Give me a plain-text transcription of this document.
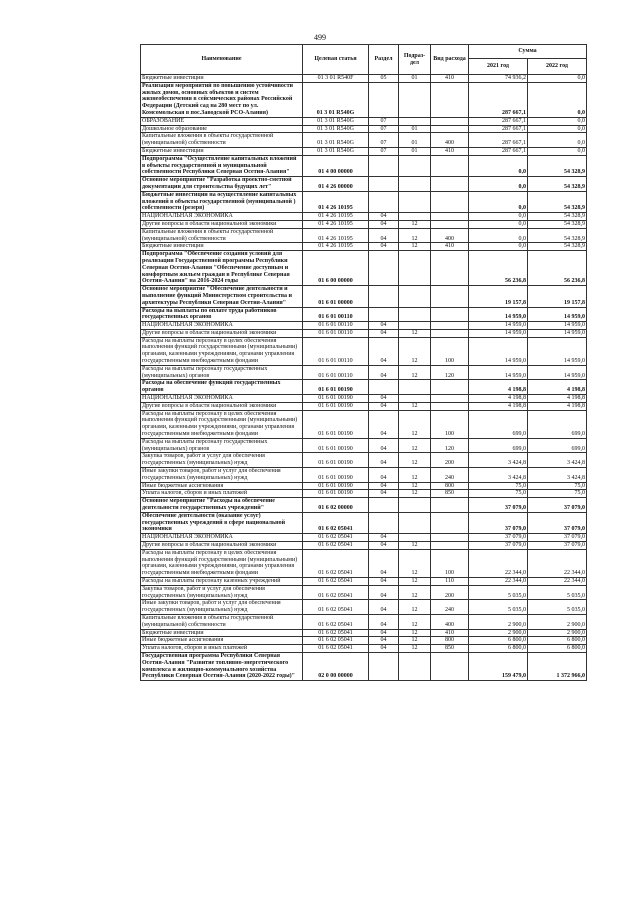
499
Наименование	Целевая статья	Раздел	Подраз-дел	Вид расхода	Сумма	
					2021 год	2022 год
Бюджетные инвестиции	01 3 01 R540F	05	01	410	74 936,2	0,0
Реализация мероприятий по повышению устойчивости жилых домов, основных объектов и систем жизнеобеспечения в сейсмических районах Российской Федерации (Детский сад на 280 мест по ул. Комсомольская в пос.Заводской РСО-Алания)	01 3 01 R540G				287 667,1	0,0
ОБРАЗОВАНИЕ	01 3 01 R540G	07			287 667,1	0,0
Дошкольное образование	01 3 01 R540G	07	01		287 667,1	0,0
Капитальные вложения в объекты государственной (муниципальной) собственности	01 3 01 R540G	07	01	400	287 667,1	0,0
Бюджетные инвестиции	01 3 01 R540G	07	01	410	287 667,1	0,0
Подпрограмма "Осуществление капитальных вложений в объекты государственной и муниципальной собственности Республики Северная Осетия-Алания"	01 4 00 00000				0,0	54 328,9
Основное мероприятие "Разработка проектно-сметной документации для строительства будущих лет"	01 4 26 00000				0,0	54 328,9
Бюджетные инвестиции на осуществление капитальных вложений в объекты государственной (муниципальной ) собственности (резерв)	01 4 26 10195				0,0	54 328,9
НАЦИОНАЛЬНАЯ ЭКОНОМИКА	01 4 26 10195	04			0,0	54 328,9
Другие вопросы в области национальной экономики	01 4 26 10195	04	12		0,0	54 328,9
Капитальные вложения в объекты государственной (муниципальной) собственности	01 4 26 10195	04	12	400	0,0	54 328,9
Бюджетные инвестиции	01 4 26 10195	04	12	410	0,0	54 328,9
Подпрограмма "Обеспечение создания условий для реализации Государственной программы Республики Северная Осетия-Алания "Обеспечение доступным и комфортным жильем граждан в Республике Северная Осетия-Алания" на 2016-2024 годы	01 6 00 00000				56 236,8	56 236,8
Основное мероприятие "Обеспечение деятельности и выполнение функций Министерством строительства и архитектуры Республики Северная Осетия-Алания"	01 6 01 00000				19 157,8	19 157,8
Расходы на выплаты по оплате труда работников государственных органов	01 6 01 00110				14 959,0	14 959,0
НАЦИОНАЛЬНАЯ ЭКОНОМИКА	01 6 01 00110	04			14 959,0	14 959,0
Другие вопросы в области национальной экономики	01 6 01 00110	04	12		14 959,0	14 959,0
Расходы на выплаты персоналу в целях обеспечения выполнения функций государственными (муниципальными) органами, казенными учреждениями, органами управления государственными внебюджетными фондами	01 6 01 00110	04	12	100	14 959,0	14 959,0
Расходы на выплаты персоналу государственных (муниципальных) органов	01 6 01 00110	04	12	120	14 959,0	14 959,0
Расходы на обеспечение функций государственных органов	01 6 01 00190				4 198,8	4 198,8
НАЦИОНАЛЬНАЯ ЭКОНОМИКА	01 6 01 00190	04			4 198,8	4 198,8
Другие вопросы в области национальной экономики	01 6 01 00190	04	12		4 198,8	4 198,8
Расходы на выплаты персоналу в целях обеспечения выполнения функций государственными (муниципальными) органами, казенными учреждениями, органами управления государственными внебюджетными фондами	01 6 01 00190	04	12	100	699,0	699,0
Расходы на выплаты персоналу государственных (муниципальных) органов	01 6 01 00190	04	12	120	699,0	699,0
Закупка товаров, работ и услуг для обеспечения государственных (муниципальных) нужд	01 6 01 00190	04	12	200	3 424,8	3 424,8
Иные закупки товаров, работ и услуг для обеспечения государственных (муниципальных) нужд	01 6 01 00190	04	12	240	3 424,8	3 424,8
Иные бюджетные ассигнования	01 6 01 00190	04	12	800	75,0	75,0
Уплата налогов, сборов и иных платежей	01 6 01 00190	04	12	850	75,0	75,0
Основное мероприятие "Расходы на обеспечение деятельности государственных учреждений"	01 6 02 00000				37 079,0	37 079,0
Обеспечение деятельности (оказание услуг) государственных учреждений в сфере национальной экономики	01 6 02 05041				37 079,0	37 079,0
НАЦИОНАЛЬНАЯ ЭКОНОМИКА	01 6 02 05041	04			37 079,0	37 079,0
Другие вопросы в области национальной экономики	01 6 02 05041	04	12		37 079,0	37 079,0
Расходы на выплаты персоналу в целях обеспечения выполнения функций государственными (муниципальными) органами, казенными учреждениями, органами управления государственными внебюджетными фондами	01 6 02 05041	04	12	100	22 344,0	22 344,0
Расходы на выплаты персоналу казенных учреждений	01 6 02 05041	04	12	110	22 344,0	22 344,0
Закупка товаров, работ и услуг для обеспечения государственных (муниципальных) нужд	01 6 02 05041	04	12	200	5 035,0	5 035,0
Иные закупки товаров, работ и услуг для обеспечения государственных (муниципальных) нужд	01 6 02 05041	04	12	240	5 035,0	5 035,0
Капитальные вложения в объекты государственной (муниципальной) собственности	01 6 02 05041	04	12	400	2 900,0	2 900,0
Бюджетные инвестиции	01 6 02 05041	04	12	410	2 900,0	2 900,0
Иные бюджетные ассигнования	01 6 02 05041	04	12	800	6 800,0	6 800,0
Уплата налогов, сборов и иных платежей	01 6 02 05041	04	12	850	6 800,0	6 800,0
Государственная программа Республики Северная Осетия-Алания "Развитие топливно-энергетического комплекса и жилищно-коммунального хозяйства Республики Северная Осетия-Алания (2020-2022 годы)"	02 0 00 00000				159 479,0	1 372 966,0
